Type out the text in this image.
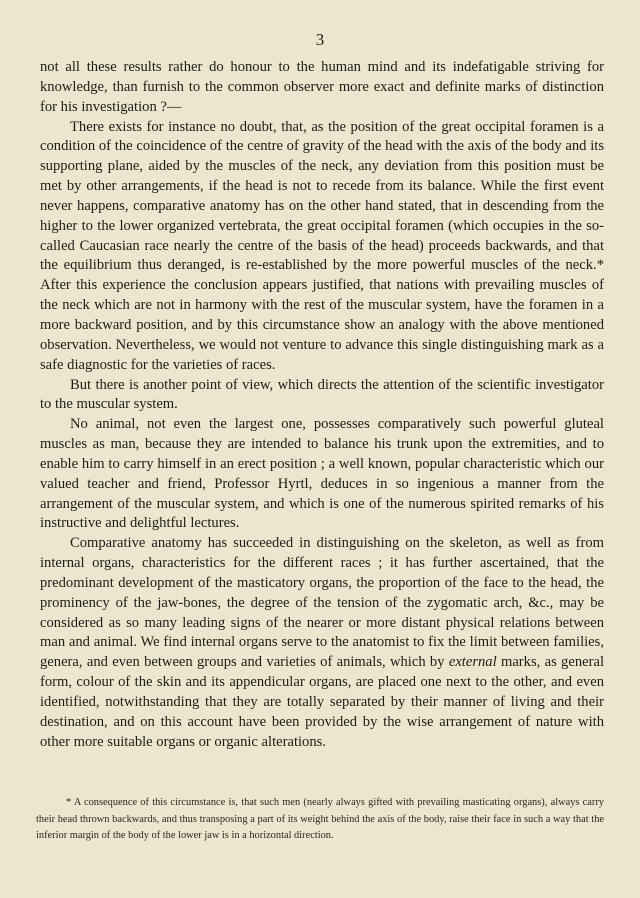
3

not all these results rather do honour to the human mind and its indefatigable striving for knowledge, than furnish to the common observer more exact and definite marks of distinction for his investigation ?—

There exists for instance no doubt, that, as the position of the great occipital foramen is a condition of the coincidence of the centre of gravity of the head with the axis of the body and its supporting plane, aided by the muscles of the neck, any deviation from this position must be met by other arrangements, if the head is not to recede from its balance. While the first event never happens, comparative anatomy has on the other hand stated, that in descending from the higher to the lower organized vertebrata, the great occipital foramen (which occupies in the so-called Caucasian race nearly the centre of the basis of the head) proceeds backwards, and that the equilibrium thus deranged, is re-established by the more powerful muscles of the neck.* After this experience the conclusion appears justified, that nations with prevailing muscles of the neck which are not in harmony with the rest of the muscular system, have the foramen in a more backward position, and by this circumstance show an analogy with the above mentioned observation. Nevertheless, we would not venture to advance this single distinguishing mark as a safe diagnostic for the varieties of races.

But there is another point of view, which directs the attention of the scientific investigator to the muscular system.

No animal, not even the largest one, possesses comparatively such powerful gluteal muscles as man, because they are intended to balance his trunk upon the extremities, and to enable him to carry himself in an erect position ; a well known, popular characteristic which our valued teacher and friend, Professor Hyrtl, deduces in so ingenious a manner from the arrangement of the muscular system, and which is one of the numerous spirited remarks of his instructive and delightful lectures.

Comparative anatomy has succeeded in distinguishing on the skeleton, as well as from internal organs, characteristics for the different races ; it has further ascertained, that the predominant development of the masticatory organs, the proportion of the face to the head, the prominency of the jaw-bones, the degree of the tension of the zygomatic arch, &c., may be considered as so many leading signs of the nearer or more distant physical relations between man and animal. We find internal organs serve to the anatomist to fix the limit between families, genera, and even between groups and varieties of animals, which by external marks, as general form, colour of the skin and its appendicular organs, are placed one next to the other, and even identified, notwithstanding that they are totally separated by their manner of living and their destination, and on this account have been provided by the wise arrangement of nature with other more suitable organs or organic alterations.

* A consequence of this circumstance is, that such men (nearly always gifted with prevailing masticating organs), always carry their head thrown backwards, and thus transposing a part of its weight behind the axis of the body, raise their face in such a way that the inferior margin of the body of the lower jaw is in a horizontal direction.
